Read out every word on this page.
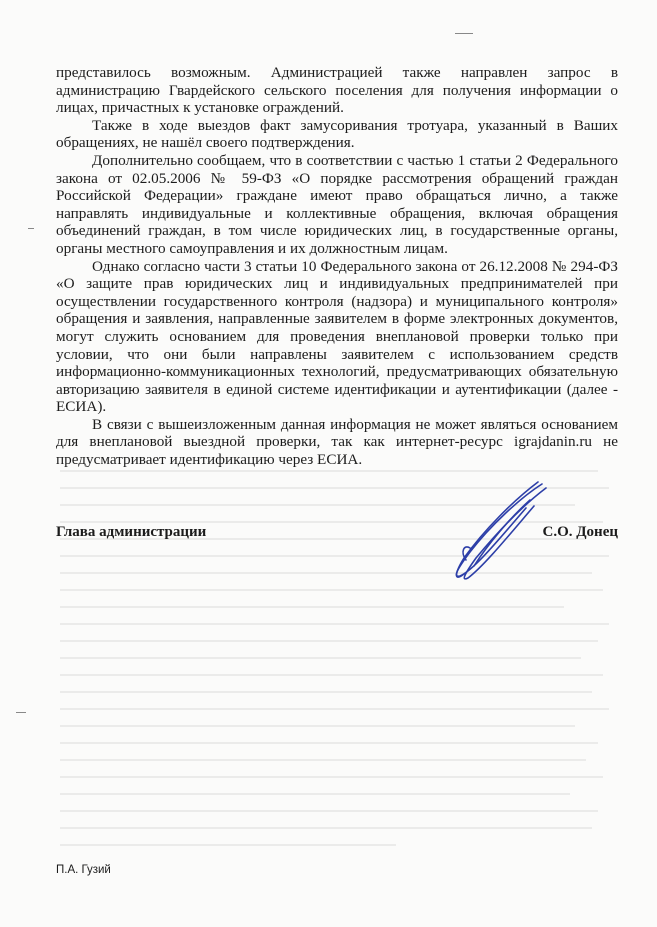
представилось возможным. Администрацией также направлен запрос в администрацию Гвардейского сельского поселения для получения информации о лицах, причастных к установке ограждений.

Также в ходе выездов факт замусоривания тротуара, указанный в Ваших обращениях, не нашёл своего подтверждения.

Дополнительно сообщаем, что в соответствии с частью 1 статьи 2 Федерального закона от 02.05.2006 № 59-ФЗ «О порядке рассмотрения обращений граждан Российской Федерации» граждане имеют право обращаться лично, а также направлять индивидуальные и коллективные обращения, включая обращения объединений граждан, в том числе юридических лиц, в государственные органы, органы местного самоуправления и их должностным лицам.

Однако согласно части 3 статьи 10 Федерального закона от 26.12.2008 № 294-ФЗ «О защите прав юридических лиц и индивидуальных предпринимателей при осуществлении государственного контроля (надзора) и муниципального контроля» обращения и заявления, направленные заявителем в форме электронных документов, могут служить основанием для проведения внеплановой проверки только при условии, что они были направлены заявителем с использованием средств информационно-коммуникационных технологий, предусматривающих обязательную авторизацию заявителя в единой системе идентификации и аутентификации (далее - ЕСИА).

В связи с вышеизложенным данная информация не может являться основанием для внеплановой выездной проверки, так как интернет-ресурс igrajdanin.ru не предусматривает идентификацию через ЕСИА.

Глава администрации	С.О. Донец
П.А. Гузий
